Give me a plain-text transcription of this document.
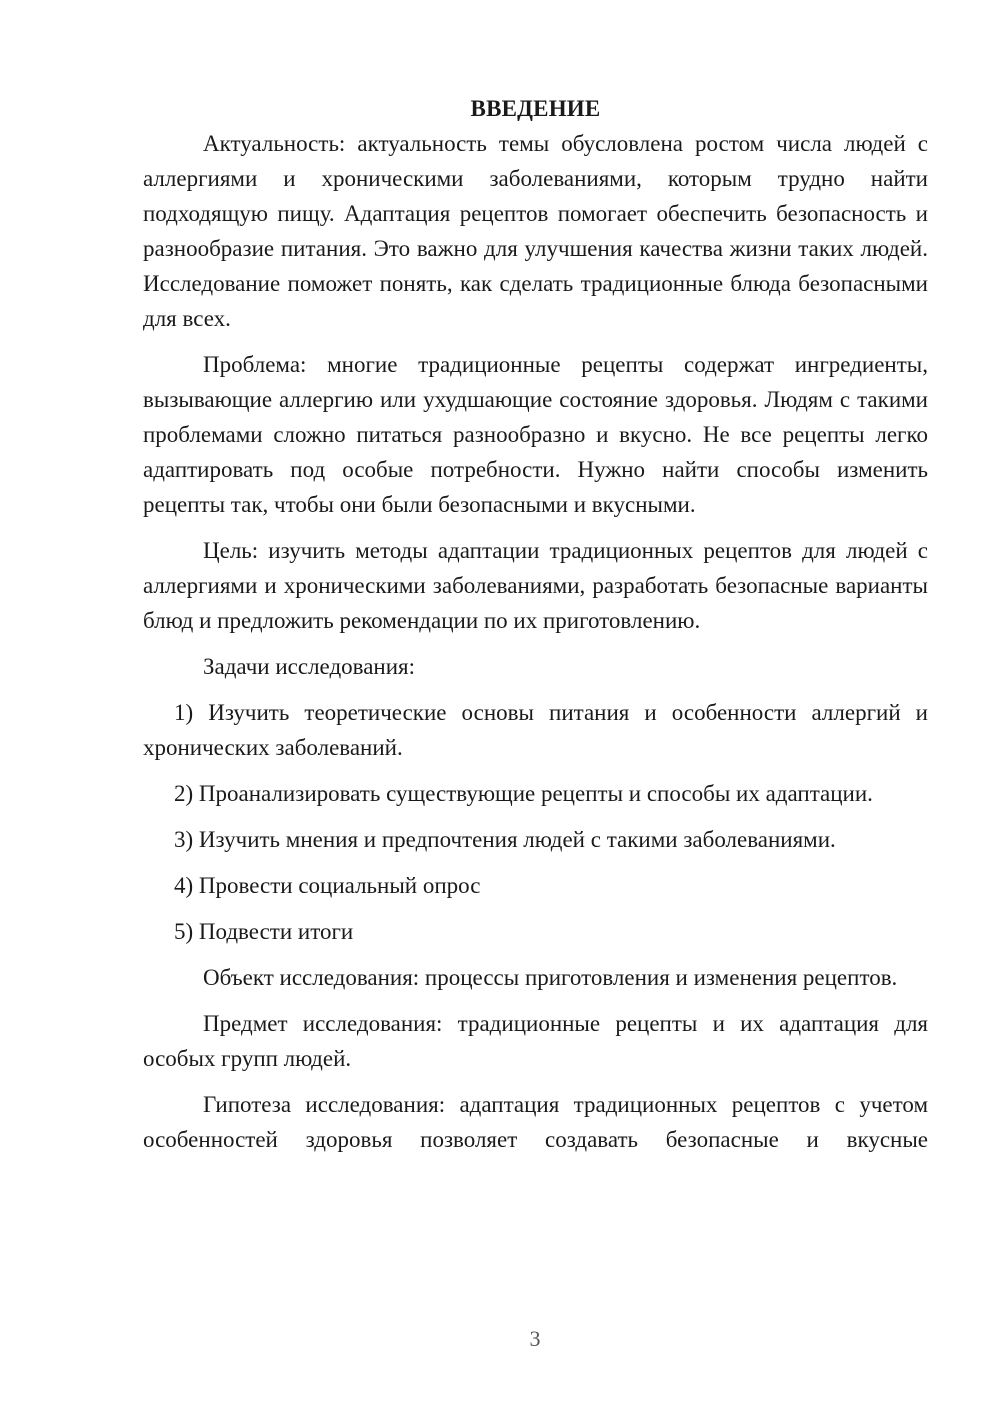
ВВЕДЕНИЕ

Актуальность: актуальность темы обусловлена ростом числа людей с аллергиями и хроническими заболеваниями, которым трудно найти подходящую пищу. Адаптация рецептов помогает обеспечить безопасность и разнообразие питания. Это важно для улучшения качества жизни таких людей. Исследование поможет понять, как сделать традиционные блюда безопасными для всех.

Проблема: многие традиционные рецепты содержат ингредиенты, вызывающие аллергию или ухудшающие состояние здоровья. Людям с такими проблемами сложно питаться разнообразно и вкусно. Не все рецепты легко адаптировать под особые потребности. Нужно найти способы изменить рецепты так, чтобы они были безопасными и вкусными.

Цель: изучить методы адаптации традиционных рецептов для людей с аллергиями и хроническими заболеваниями, разработать безопасные варианты блюд и предложить рекомендации по их приготовлению.

Задачи исследования:

1) Изучить теоретические основы питания и особенности аллергий и хронических заболеваний.

2) Проанализировать существующие рецепты и способы их адаптации.

3) Изучить мнения и предпочтения людей с такими заболеваниями.

4) Провести социальный опрос

5) Подвести итоги

Объект исследования: процессы приготовления и изменения рецептов.

Предмет исследования: традиционные рецепты и их адаптация для особых групп людей.

Гипотеза исследования: адаптация традиционных рецептов с учетом особенностей здоровья позволяет создавать безопасные и вкусные

3
